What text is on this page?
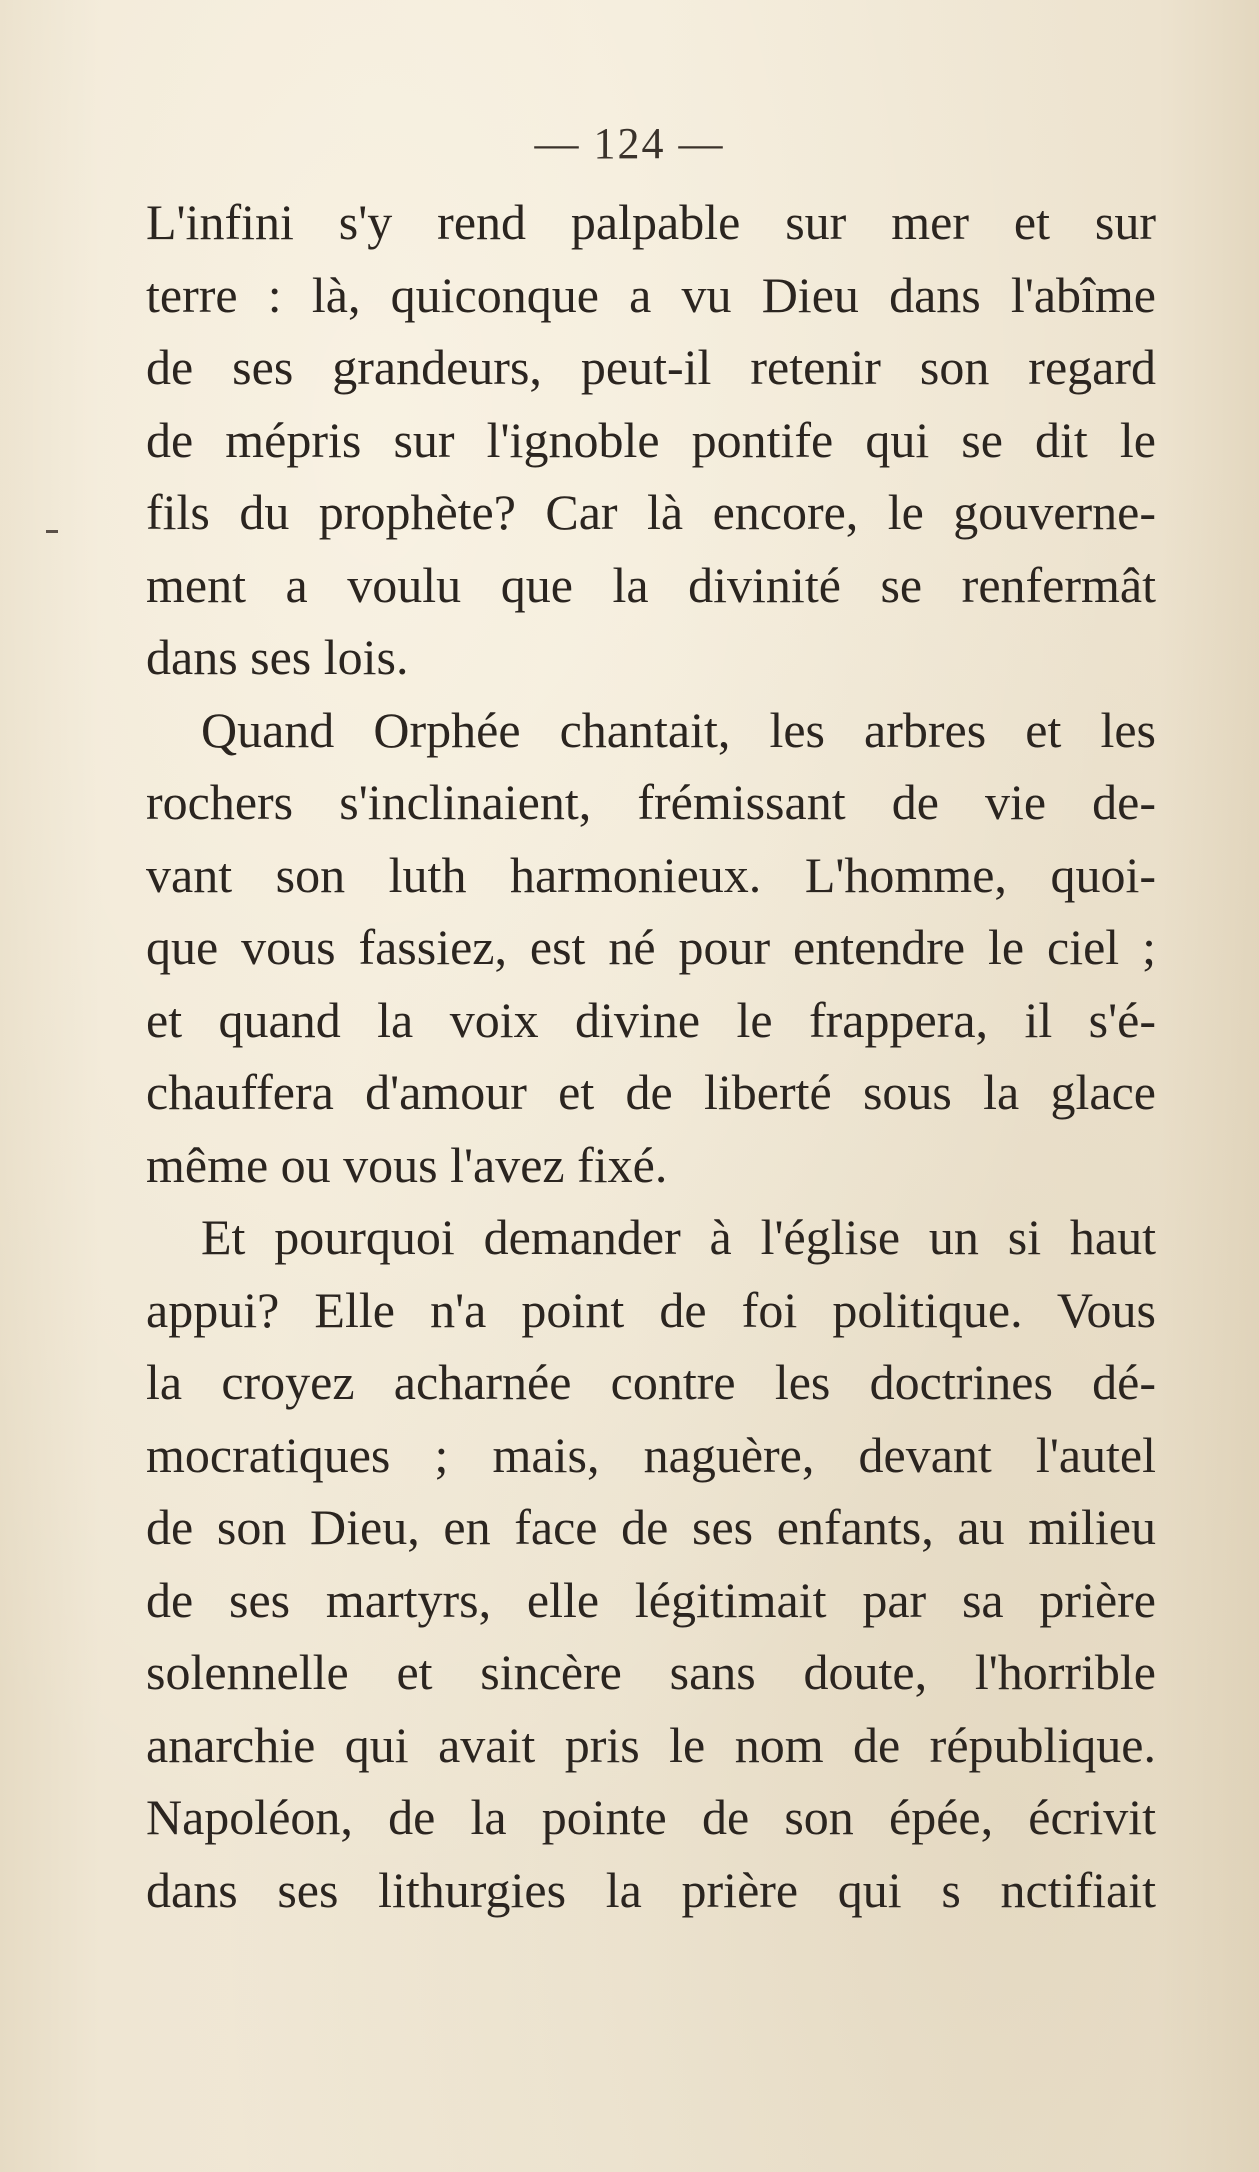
— 124 —
L'infini s'y rend palpable sur mer et sur
terre : là, quiconque a vu Dieu dans l'abîme
de ses grandeurs, peut-il retenir son regard
de mépris sur l'ignoble pontife qui se dit le
fils du prophète? Car là encore, le gouverne-
ment a voulu que la divinité se renfermât
dans ses lois.
Quand Orphée chantait, les arbres et les
rochers s'inclinaient, frémissant de vie de-
vant son luth harmonieux. L'homme, quoi-
que vous fassiez, est né pour entendre le ciel ;
et quand la voix divine le frappera, il s'é-
chauffera d'amour et de liberté sous la glace
même ou vous l'avez fixé.
Et pourquoi demander à l'église un si haut
appui? Elle n'a point de foi politique. Vous
la croyez acharnée contre les doctrines dé-
mocratiques ; mais, naguère, devant l'autel
de son Dieu, en face de ses enfants, au milieu
de ses martyrs, elle légitimait par sa prière
solennelle et sincère sans doute, l'horrible
anarchie qui avait pris le nom de république.
Napoléon, de la pointe de son épée, écrivit
dans ses lithurgies la prière qui s nctifiait
